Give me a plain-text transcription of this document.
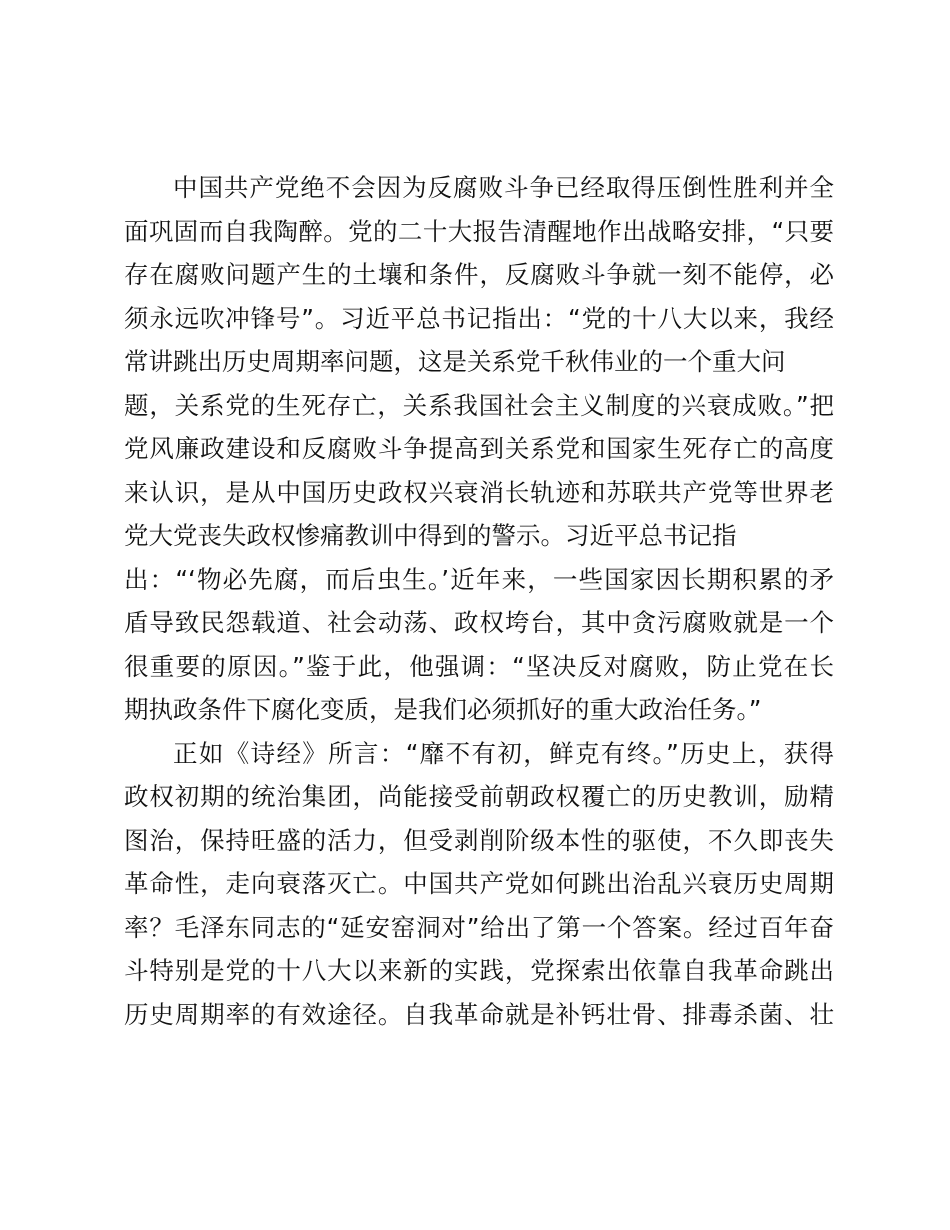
中国共产党绝不会因为反腐败斗争已经取得压倒性胜利并全
面巩固而自我陶醉。党的二十大报告清醒地作出战略安排，“只要
存在腐败问题产生的土壤和条件，反腐败斗争就一刻不能停，必
须永远吹冲锋号”。习近平总书记指出：“党的十八大以来，我经
常讲跳出历史周期率问题，这是关系党千秋伟业的一个重大问
题，关系党的生死存亡，关系我国社会主义制度的兴衰成败。”把
党风廉政建设和反腐败斗争提高到关系党和国家生死存亡的高度
来认识，是从中国历史政权兴衰消长轨迹和苏联共产党等世界老
党大党丧失政权惨痛教训中得到的警示。习近平总书记指
出：“‘物必先腐，而后虫生。’近年来，一些国家因长期积累的矛
盾导致民怨载道、社会动荡、政权垮台，其中贪污腐败就是一个
很重要的原因。”鉴于此，他强调：“坚决反对腐败，防止党在长
期执政条件下腐化变质，是我们必须抓好的重大政治任务。”
正如《诗经》所言：“靡不有初，鲜克有终。”历史上，获得
政权初期的统治集团，尚能接受前朝政权覆亡的历史教训，励精
图治，保持旺盛的活力，但受剥削阶级本性的驱使，不久即丧失
革命性，走向衰落灭亡。中国共产党如何跳出治乱兴衰历史周期
率？毛泽东同志的“延安窑洞对”给出了第一个答案。经过百年奋
斗特别是党的十八大以来新的实践，党探索出依靠自我革命跳出
历史周期率的有效途径。自我革命就是补钙壮骨、排毒杀菌、壮
